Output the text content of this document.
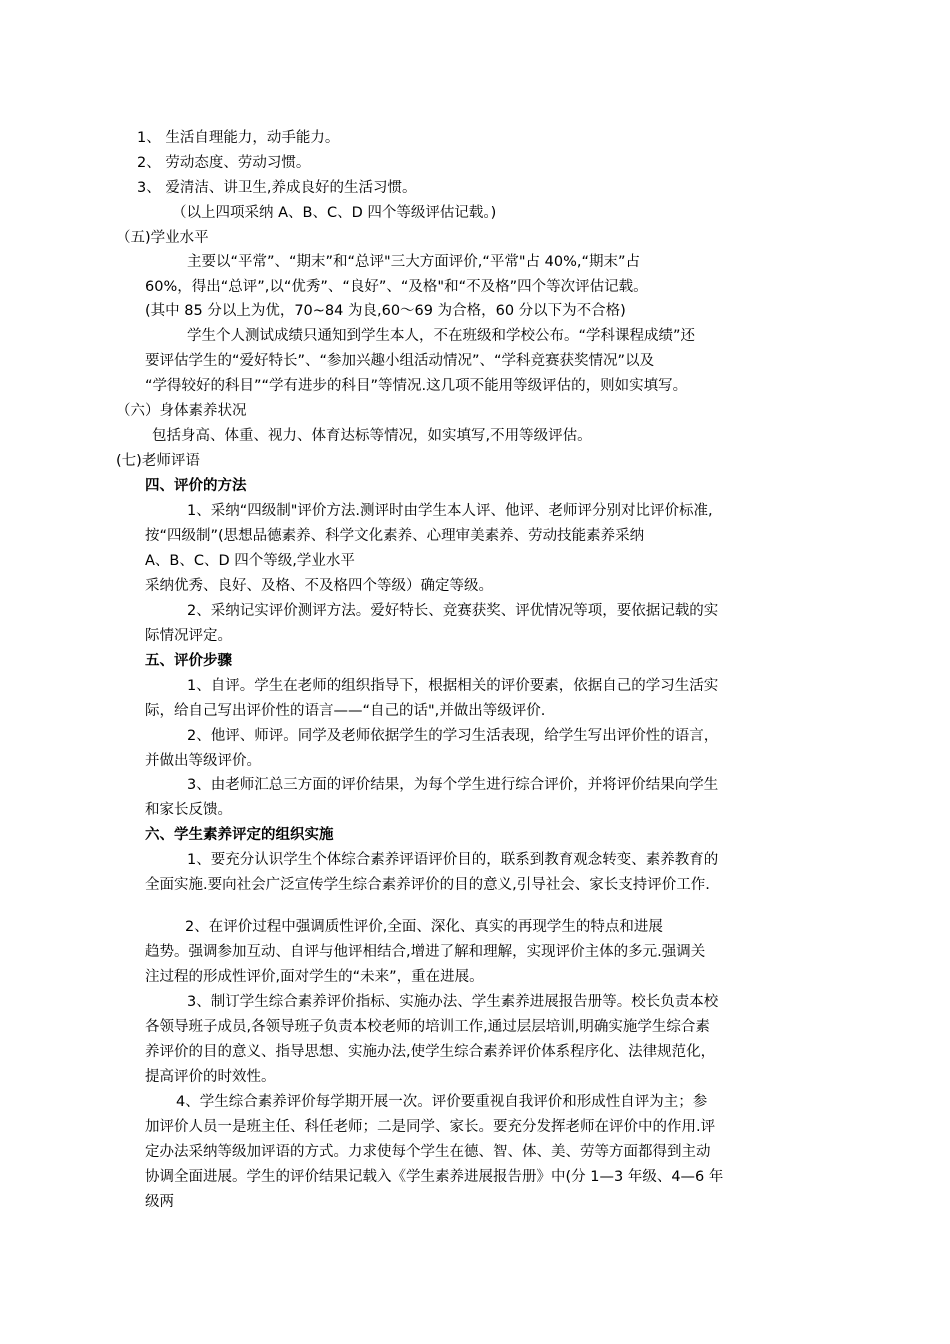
1、 生活自理能力，动手能力。
2、 劳动态度、劳动习惯。
3、 爱清洁、讲卫生,养成良好的生活习惯。
（以上四项采纳 A、B、C、D 四个等级评估记载。)
（五)学业水平
主要以“平常”、“期末”和“总评"三大方面评价,“平常"占 40%,“期末”占
60%，得出“总评”,以“优秀”、“良好”、“及格"和“不及格”四个等次评估记载。
(其中 85 分以上为优，70~84 为良,60～69 为合格，60 分以下为不合格)
学生个人测试成绩只通知到学生本人，不在班级和学校公布。“学科课程成绩”还
要评估学生的“爱好特长”、“参加兴趣小组活动情况”、“学科竞赛获奖情况”以及
“学得较好的科目”“学有进步的科目”等情况.这几项不能用等级评估的，则如实填写。
（六）身体素养状况
包括身高、体重、视力、体育达标等情况，如实填写,不用等级评估。
(七)老师评语
四、评价的方法
1、采纳“四级制"评价方法.测评时由学生本人评、他评、老师评分别对比评价标准,
按“四级制”(思想品德素养、科学文化素养、心理审美素养、劳动技能素养采纳
A、B、C、D 四个等级,学业水平
采纳优秀、良好、及格、不及格四个等级）确定等级。
2、采纳记实评价测评方法。爱好特长、竞赛获奖、评优情况等项，要依据记载的实
际情况评定。
五、评价步骤
1、自评。学生在老师的组织指导下，根据相关的评价要素，依据自己的学习生活实
际，给自己写出评价性的语言——“自己的话",并做出等级评价.
2、他评、师评。同学及老师依据学生的学习生活表现，给学生写出评价性的语言，
并做出等级评价。
3、由老师汇总三方面的评价结果，为每个学生进行综合评价，并将评价结果向学生
和家长反馈。
六、学生素养评定的组织实施
1、要充分认识学生个体综合素养评语评价目的，联系到教育观念转变、素养教育的
全面实施.要向社会广泛宣传学生综合素养评价的目的意义,引导社会、家长支持评价工作.
2、在评价过程中强调质性评价,全面、深化、真实的再现学生的特点和进展
趋势。强调参加互动、自评与他评相结合,增进了解和理解，实现评价主体的多元.强调关
注过程的形成性评价,面对学生的“未来”，重在进展。
3、制订学生综合素养评价指标、实施办法、学生素养进展报告册等。校长负责本校
各领导班子成员,各领导班子负责本校老师的培训工作,通过层层培训,明确实施学生综合素
养评价的目的意义、指导思想、实施办法,使学生综合素养评价体系程序化、法律规范化，
提高评价的时效性。
4、学生综合素养评价每学期开展一次。评价要重视自我评价和形成性自评为主；参
加评价人员一是班主任、科任老师；二是同学、家长。要充分发挥老师在评价中的作用.评
定办法采纳等级加评语的方式。力求使每个学生在德、智、体、美、劳等方面都得到主动
协调全面进展。学生的评价结果记载入《学生素养进展报告册》中(分 1—3 年级、4—6 年
级两
